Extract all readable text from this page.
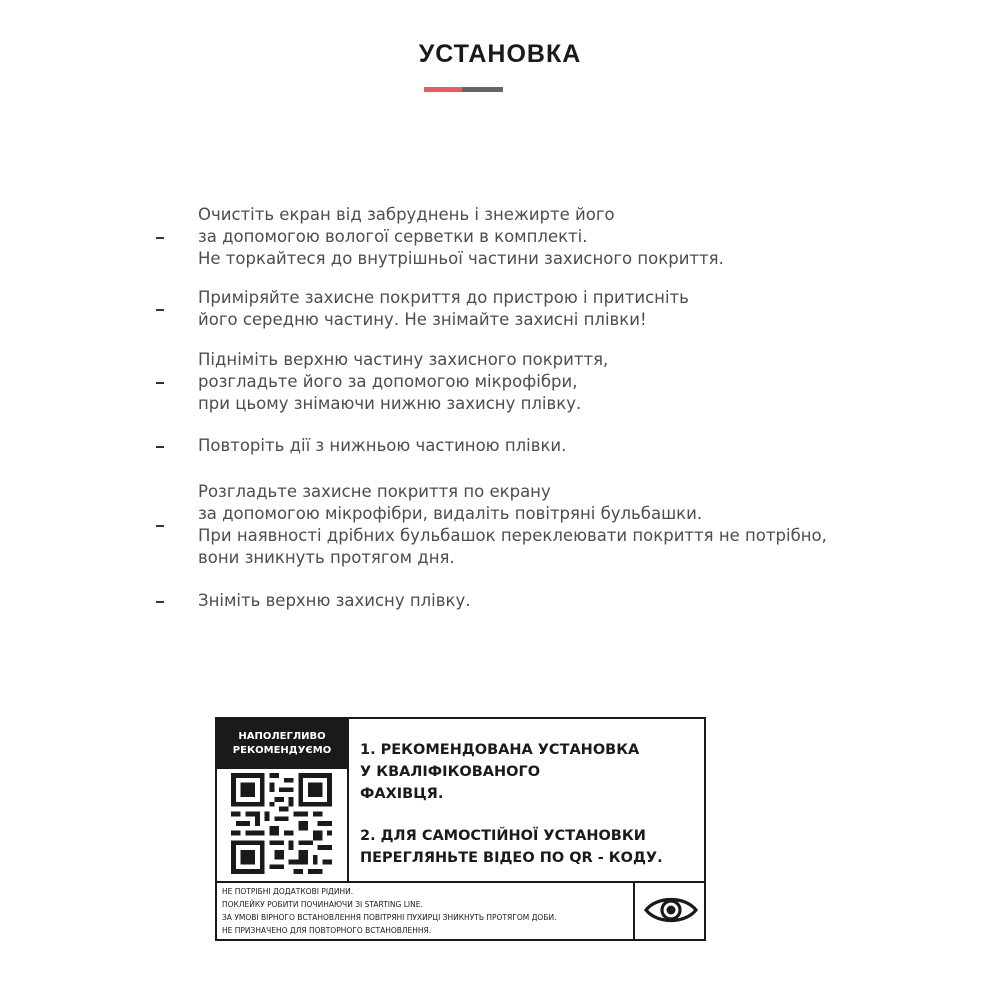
УСТАНОВКА
Очистіть екран від забруднень і знежирте його
за допомогою вологої серветки в комплекті.
Не торкайтеся до внутрішньої частини захисного покриття.
Приміряйте захисне покриття до пристрою і притисніть
його середню частину. Не знімайте захисні плівки!
Підніміть верхню частину захисного покриття,
розгладьте його за допомогою мікрофібри,
при цьому знімаючи нижню захисну плівку.
Повторіть дії з нижньою частиною плівки.
Розгладьте захисне покриття по екрану
за допомогою мікрофібри, видаліть повітряні бульбашки.
При наявності дрібних бульбашок переклеювати покриття не потрібно,
вони зникнуть протягом дня.
Зніміть верхню захисну плівку.
НАПОЛЕГЛИВО
РЕКОМЕНДУЄМО	1. РЕКОМЕНДОВАНА УСТАНОВКА
У КВАЛІФІКОВАНОГО
ФАХІВЦЯ.
2. ДЛЯ САМОСТІЙНОЇ УСТАНОВКИ
ПЕРЕГЛЯНЬТЕ ВІДЕО ПО QR - КОДУ.
НЕ ПОТРІБНІ ДОДАТКОВІ РІДИНИ.
ПОКЛЕЙКУ РОБИТИ ПОЧИНАЮЧИ ЗІ STARTING LINE.
ЗА УМОВІ ВІРНОГО ВСТАНОВЛЕННЯ ПОВІТРЯНІ ПУХИРЦІ ЗНИКНУТЬ ПРОТЯГОМ ДОБИ.
НЕ ПРИЗНАЧЕНО ДЛЯ ПОВТОРНОГО ВСТАНОВЛЕННЯ.
